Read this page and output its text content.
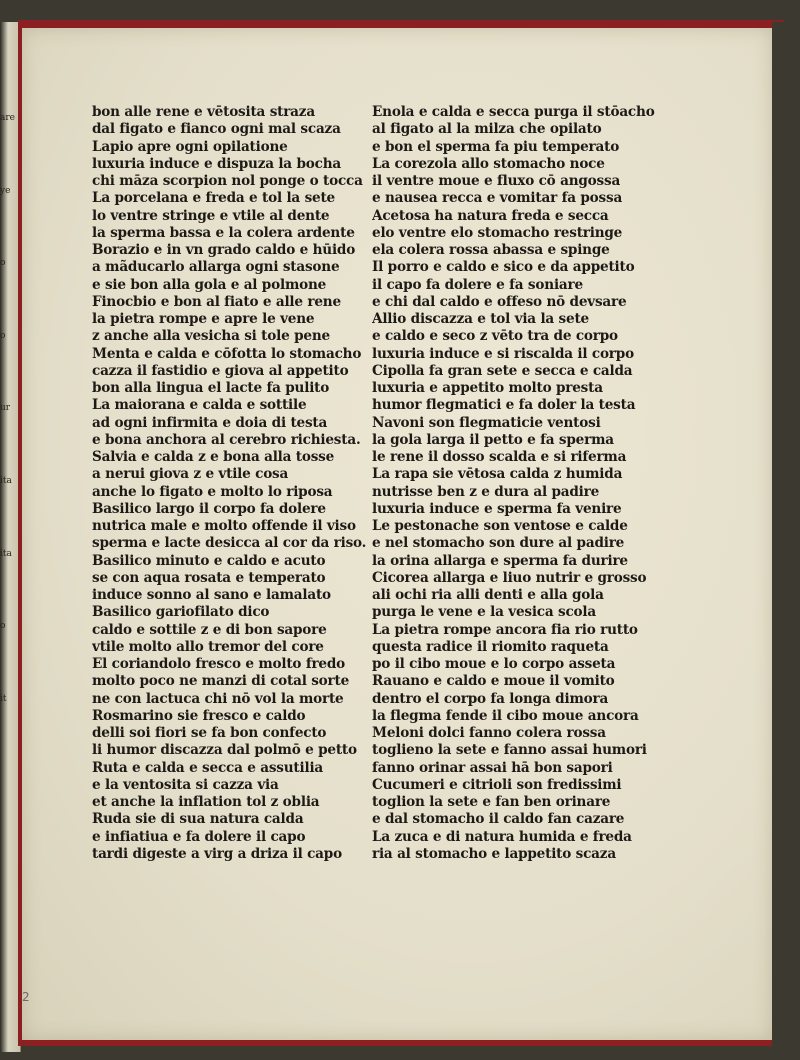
are
ye
o
o
ur
ita
ita
o
it
bon alle rene e vētosita straza
dal figato e fianco ogni mal scaza
Lapio apre ogni opilatione
luxuria induce e dispuza la bocha
chi māza scorpion nol ponge o tocca
La porcelana e freda e tol la sete
lo ventre stringe e vtile al dente
la sperma bassa e la colera ardente
Borazio e in vn grado caldo e hūido
a mãducarlo allarga ogni stasone
e sie bon alla gola e al polmone
Finocbio e bon al fiato e alle rene
la pietra rompe e apre le vene
z anche alla vesicha si tole pene
Menta e calda e cōfotta lo stomacho
cazza il fastidio e giova al appetito
bon alla lingua el lacte fa pulito
La maiorana e calda e sottile
ad ogni infirmita e doia di testa
e bona anchora al cerebro richiesta.
Salvia e calda z e bona alla tosse
a nerui giova z e vtile cosa
anche lo figato e molto lo riposa
Basilico largo il corpo fa dolere
nutrica male e molto offende il viso
sperma e lacte desicca al cor da riso.
Basilico minuto e caldo e acuto
se con aqua rosata e temperato
induce sonno al sano e lamalato
Basilico gariofilato dico
caldo e sottile z e di bon sapore
vtile molto allo tremor del core
El coriandolo fresco e molto fredo
molto poco ne manzi di cotal sorte
ne con lactuca chi nō vol la morte
Rosmarino sie fresco e caldo
delli soi fiori se fa bon confecto
li humor discazza dal polmō e petto
Ruta e calda e secca e assutilia
e la ventosita si cazza via
et anche la inflation tol z oblia
Ruda sie di sua natura calda
e infiatiua e fa dolere il capo
tardi digeste a virg a driza il capo
Enola e calda e secca purga il stōacho
al figato al la milza che opilato
e bon el sperma fa piu temperato
La corezola allo stomacho noce
il ventre moue e fluxo cō angossa
e nausea recca e vomitar fa possa
Acetosa ha natura freda e secca
elo ventre elo stomacho restringe
ela colera rossa abassa e spinge
Il porro e caldo e sico e da appetito
il capo fa dolere e fa soniare
e chi dal caldo e offeso nō devsare
Allio discazza e tol via la sete
e caldo e seco z vēto tra de corpo
luxuria induce e si riscalda il corpo
Cipolla fa gran sete e secca e calda
luxuria e appetito molto presta
humor flegmatici e fa doler la testa
Navoni son flegmaticie ventosi
la gola larga il petto e fa sperma
le rene il dosso scalda e si riferma
La rapa sie vētosa calda z humida
nutrisse ben z e dura al padire
luxuria induce e sperma fa venire
Le pestonache son ventose e calde
e nel stomacho son dure al padire
la orina allarga e sperma fa durire
Cicorea allarga e liuo nutrir e grosso
ali ochi ria alli denti e alla gola
purga le vene e la vesica scola
La pietra rompe ancora fia rio rutto
questa radice il riomito raqueta
po il cibo moue e lo corpo asseta
Rauano e caldo e moue il vomito
dentro el corpo fa longa dimora
la flegma fende il cibo moue ancora
Meloni dolci fanno colera rossa
toglieno la sete e fanno assai humori
fanno orinar assai hā bon sapori
Cucumeri e citrioli son fredissimi
toglion la sete e fan ben orinare
e dal stomacho il caldo fan cazare
La zuca e di natura humida e freda
ria al stomacho e lappetito scaza
2
